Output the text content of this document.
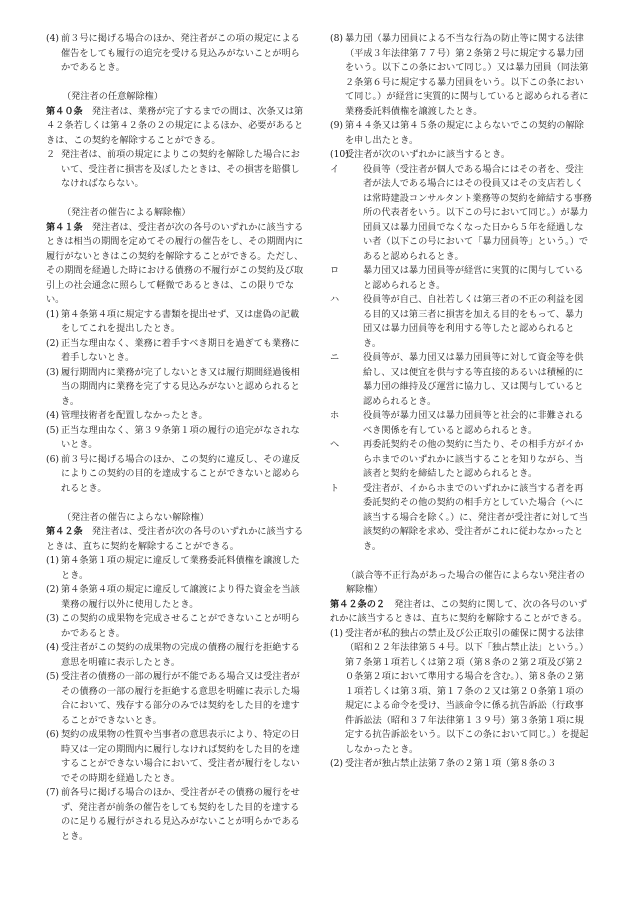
(4) 前３号に掲げる場合のほか、発注者がこの項の規定による催告をしても履行の追完を受ける見込みがないことが明らかであるとき。
（発注者の任意解除権）
第４０条　発注者は、業務が完了するまでの間は、次条又は第４２条若しくは第４２条の２の規定によるほか、必要があるときは、この契約を解除することができる。
２ 発注者は、前項の規定によりこの契約を解除した場合において、受注者に損害を及ぼしたときは、その損害を賠償しなければならない。
（発注者の催告による解除権）
第４１条　発注者は、受注者が次の各号のいずれかに該当するときは相当の期間を定めてその履行の催告をし、その期間内に履行がないときはこの契約を解除することができる。ただし、その期間を経過した時における債務の不履行がこの契約及び取引上の社会通念に照らして軽微であるときは、この限りでない。
(1) 第４条第４項に規定する書類を提出せず、又は虚偽の記載をしてこれを提出したとき。
(2) 正当な理由なく、業務に着手すべき期日を過ぎても業務に着手しないとき。
(3) 履行期間内に業務が完了しないとき又は履行期間経過後相当の期間内に業務を完了する見込みがないと認められるとき。
(4) 管理技術者を配置しなかったとき。
(5) 正当な理由なく、第３９条第１項の履行の追完がなされないとき。
(6) 前３号に掲げる場合のほか、この契約に違反し、その違反によりこの契約の目的を達成することができないと認められるとき。
（発注者の催告によらない解除権）
第４２条　発注者は、受注者が次の各号のいずれかに該当するときは、直ちに契約を解除することができる。
(1) 第４条第１項の規定に違反して業務委託料債権を譲渡したとき。
(2) 第４条第４項の規定に違反して譲渡により得た資金を当該業務の履行以外に使用したとき。
(3) この契約の成果物を完成させることができないことが明らかであるとき。
(4) 受注者がこの契約の成果物の完成の債務の履行を拒絶する意思を明確に表示したとき。
(5) 受注者の債務の一部の履行が不能である場合又は受注者がその債務の一部の履行を拒絶する意思を明確に表示した場合において、残存する部分のみでは契約をした目的を達することができないとき。
(6) 契約の成果物の性質や当事者の意思表示により、特定の日時又は一定の期間内に履行しなければ契約をした目的を達することができない場合において、受注者が履行をしないでその時期を経過したとき。
(7) 前各号に掲げる場合のほか、受注者がその債務の履行をせず、発注者が前条の催告をしても契約をした目的を達するのに足りる履行がされる見込みがないことが明らかであるとき。
(8) 暴力団（暴力団員による不当な行為の防止等に関する法律（平成３年法律第７７号）第２条第２号に規定する暴力団をいう。以下この条において同じ。）又は暴力団員（同法第２条第６号に規定する暴力団員をいう。以下この条において同じ。）が経営に実質的に関与していると認められる者に業務委託料債権を譲渡したとき。
(9) 第４４条又は第４５条の規定によらないでこの契約の解除を申し出たとき。
(10)
受注者が次のいずれかに該当するとき。
イ	役員等（受注者が個人である場合にはその者を、受注者が法人である場合にはその役員又はその支店若しくは常時建設コンサルタント業務等の契約を締結する事務所の代表者をいう。以下この号において同じ。）が暴力団員又は暴力団員でなくなった日から５年を経過しない者（以下この号において「暴力団員等」という。）であると認められるとき。
ロ	暴力団又は暴力団員等が経営に実質的に関与していると認められるとき。
ハ	役員等が自己、自社若しくは第三者の不正の利益を図る目的又は第三者に損害を加える目的をもって、暴力団又は暴力団員等を利用する等したと認められるとき。
ニ	役員等が、暴力団又は暴力団員等に対して資金等を供給し、又は便宜を供与する等直接的あるいは積極的に暴力団の維持及び運営に協力し、又は関与していると認められるとき。
ホ	役員等が暴力団又は暴力団員等と社会的に非難されるべき関係を有していると認められるとき。
ヘ	再委託契約その他の契約に当たり、その相手方がイからホまでのいずれかに該当することを知りながら、当該者と契約を締結したと認められるとき。
ト	受注者が、イからホまでのいずれかに該当する者を再委託契約その他の契約の相手方としていた場合（へに該当する場合を除く。）に、発注者が受注者に対して当該契約の解除を求め、受注者がこれに従わなかったとき。
（談合等不正行為があった場合の催告によらない発注者の解除権）
第４２条の２　発注者は、この契約に関して、次の各号のいずれかに該当するときは、直ちに契約を解除することができる。
(1) 受注者が私的独占の禁止及び公正取引の確保に関する法律（昭和２２年法律第５４号。以下「独占禁止法」という。）第７条第１項若しくは第２項（第８条の２第２項及び第２０条第２項において準用する場合を含む。）、第８条の２第１項若しくは第３項、第１７条の２又は第２０条第１項の規定による命令を受け、当該命令に係る抗告訴訟（行政事件訴訟法（昭和３７年法律第１３９号）第３条第１項に規定する抗告訴訟をいう。以下この条において同じ。）を提起しなかったとき。
(2) 受注者が独占禁止法第７条の２第１項（第８条の３
